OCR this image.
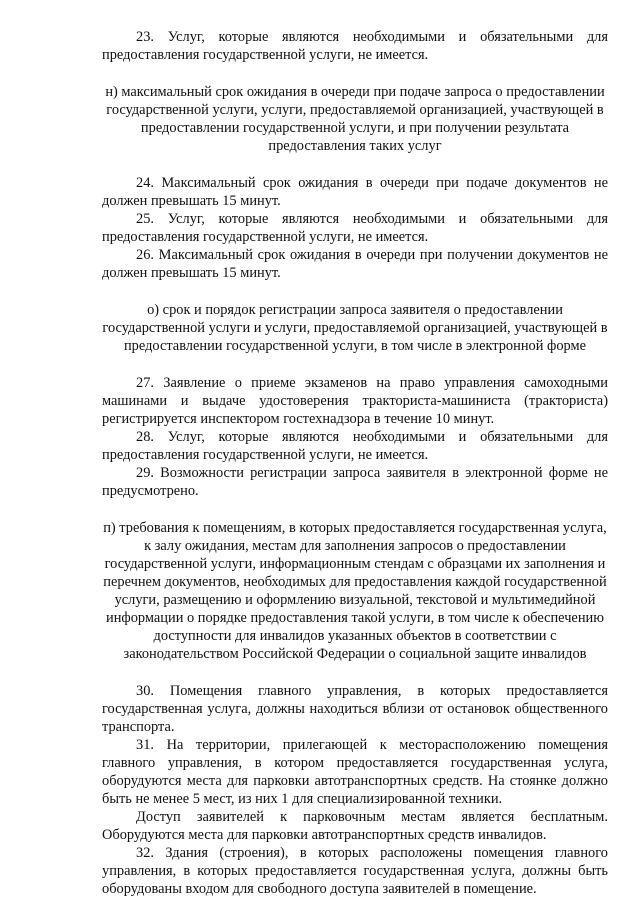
23. Услуг, которые являются необходимыми и обязательными для предоставления государственной услуги, не имеется.

н) максимальный срок ожидания в очереди при подаче запроса о предоставлении государственной услуги, услуги, предоставляемой организацией, участвующей в предоставлении государственной услуги, и при получении результата предоставления таких услуг

24. Максимальный срок ожидания в очереди при подаче документов не должен превышать 15 минут.

25. Услуг, которые являются необходимыми и обязательными для предоставления государственной услуги, не имеется.

26. Максимальный срок ожидания в очереди при получении документов не должен превышать 15 минут.

о) срок и порядок регистрации запроса заявителя о предоставлении государственной услуги и услуги, предоставляемой организацией, участвующей в предоставлении государственной услуги, в том числе в электронной форме

27. Заявление о приеме экзаменов на право управления самоходными машинами и выдаче удостоверения тракториста-машиниста (тракториста) регистрируется инспектором гостехнадзора в течение 10 минут.

28. Услуг, которые являются необходимыми и обязательными для предоставления государственной услуги, не имеется.

29. Возможности регистрации запроса заявителя в электронной форме не предусмотрено.

п) требования к помещениям, в которых предоставляется государственная услуга, к залу ожидания, местам для заполнения запросов о предоставлении государственной услуги, информационным стендам с образцами их заполнения и перечнем документов, необходимых для предоставления каждой государственной услуги, размещению и оформлению визуальной, текстовой и мультимедийной информации о порядке предоставления такой услуги, в том числе к обеспечению доступности для инвалидов указанных объектов в соответствии с законодательством Российской Федерации о социальной защите инвалидов

30. Помещения главного управления, в которых предоставляется государственная услуга, должны находиться вблизи от остановок общественного транспорта.

31. На территории, прилегающей к месторасположению помещения главного управления, в котором предоставляется государственная услуга, оборудуются места для парковки автотранспортных средств. На стоянке должно быть не менее 5 мест, из них 1 для специализированной техники.

Доступ заявителей к парковочным местам является бесплатным. Оборудуются места для парковки автотранспортных средств инвалидов.

32. Здания (строения), в которых расположены помещения главного управления, в которых предоставляется государственная услуга, должны быть оборудованы входом для свободного доступа заявителей в помещение.
